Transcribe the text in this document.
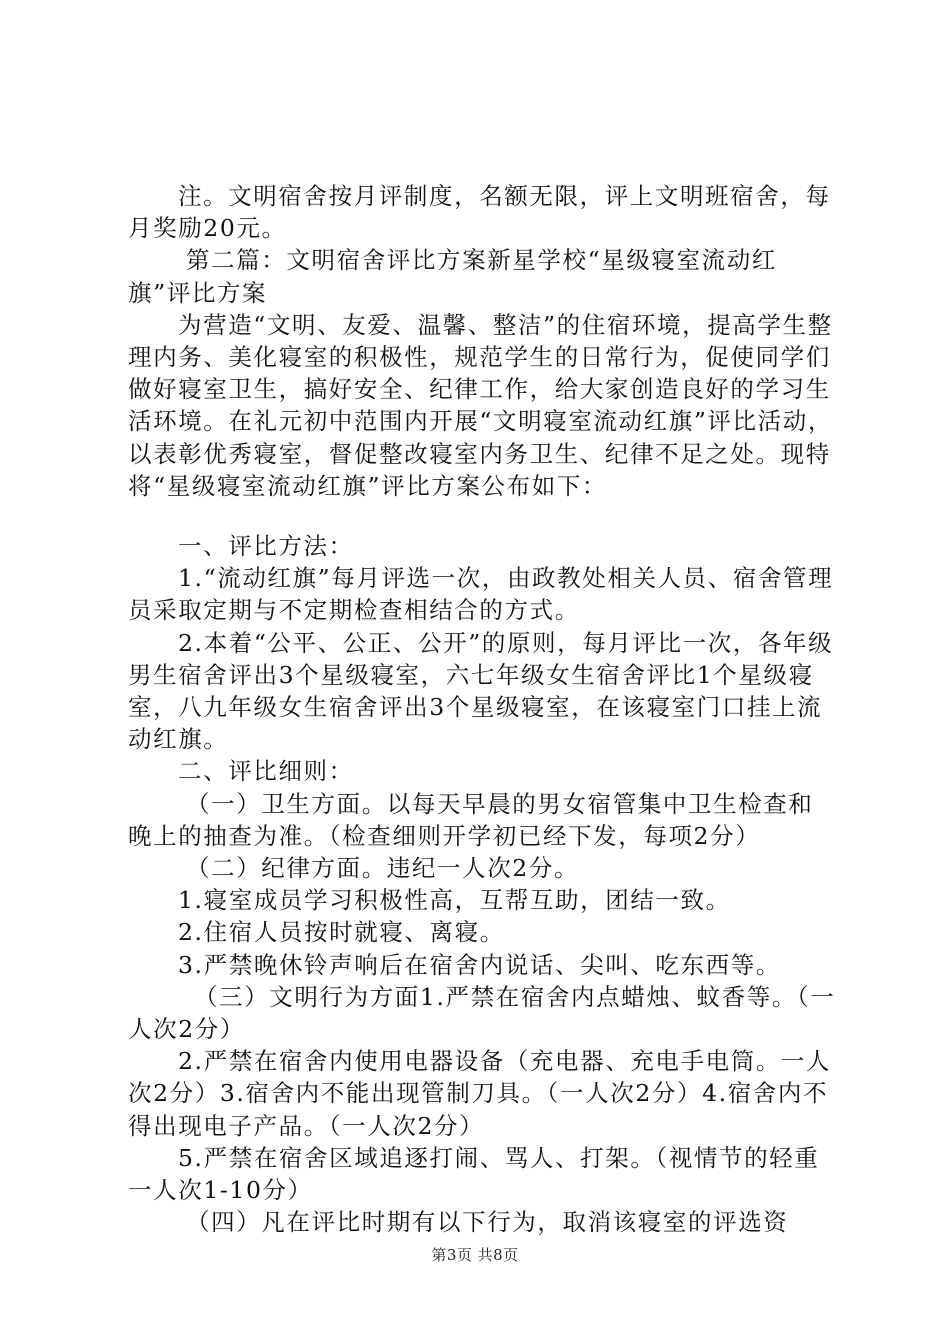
注。文明宿舍按月评制度，名额无限，评上文明班宿舍，每月奖励20元。

第二篇：文明宿舍评比方案新星学校“星级寝室流动红旗”评比方案

为营造“文明、友爱、温馨、整洁”的住宿环境，提高学生整理内务、美化寝室的积极性，规范学生的日常行为，促使同学们做好寝室卫生，搞好安全、纪律工作，给大家创造良好的学习生活环境。在礼元初中范围内开展“文明寝室流动红旗”评比活动，以表彰优秀寝室，督促整改寝室内务卫生、纪律不足之处。现特将“星级寝室流动红旗”评比方案公布如下：

一、评比方法：

1.“流动红旗”每月评选一次，由政教处相关人员、宿舍管理员采取定期与不定期检查相结合的方式。

2.本着“公平、公正、公开”的原则，每月评比一次，各年级男生宿舍评出3个星级寝室，六七年级女生宿舍评比1个星级寝室，八九年级女生宿舍评出3个星级寝室，在该寝室门口挂上流动红旗。

二、评比细则：

（一）卫生方面。以每天早晨的男女宿管集中卫生检查和晚上的抽查为准。（检查细则开学初已经下发，每项2分）

（二）纪律方面。违纪一人次2分。

1.寝室成员学习积极性高，互帮互助，团结一致。

2.住宿人员按时就寝、离寝。

3.严禁晚休铃声响后在宿舍内说话、尖叫、吃东西等。

（三）文明行为方面1.严禁在宿舍内点蜡烛、蚊香等。（一人次2分）

2.严禁在宿舍内使用电器设备（充电器、充电手电筒。一人次2分）3.宿舍内不能出现管制刀具。（一人次2分）4.宿舍内不得出现电子产品。（一人次2分）

5.严禁在宿舍区域追逐打闹、骂人、打架。（视情节的轻重一人次1-10分）

（四）凡在评比时期有以下行为，取消该寝室的评选资

第3页 共8页
